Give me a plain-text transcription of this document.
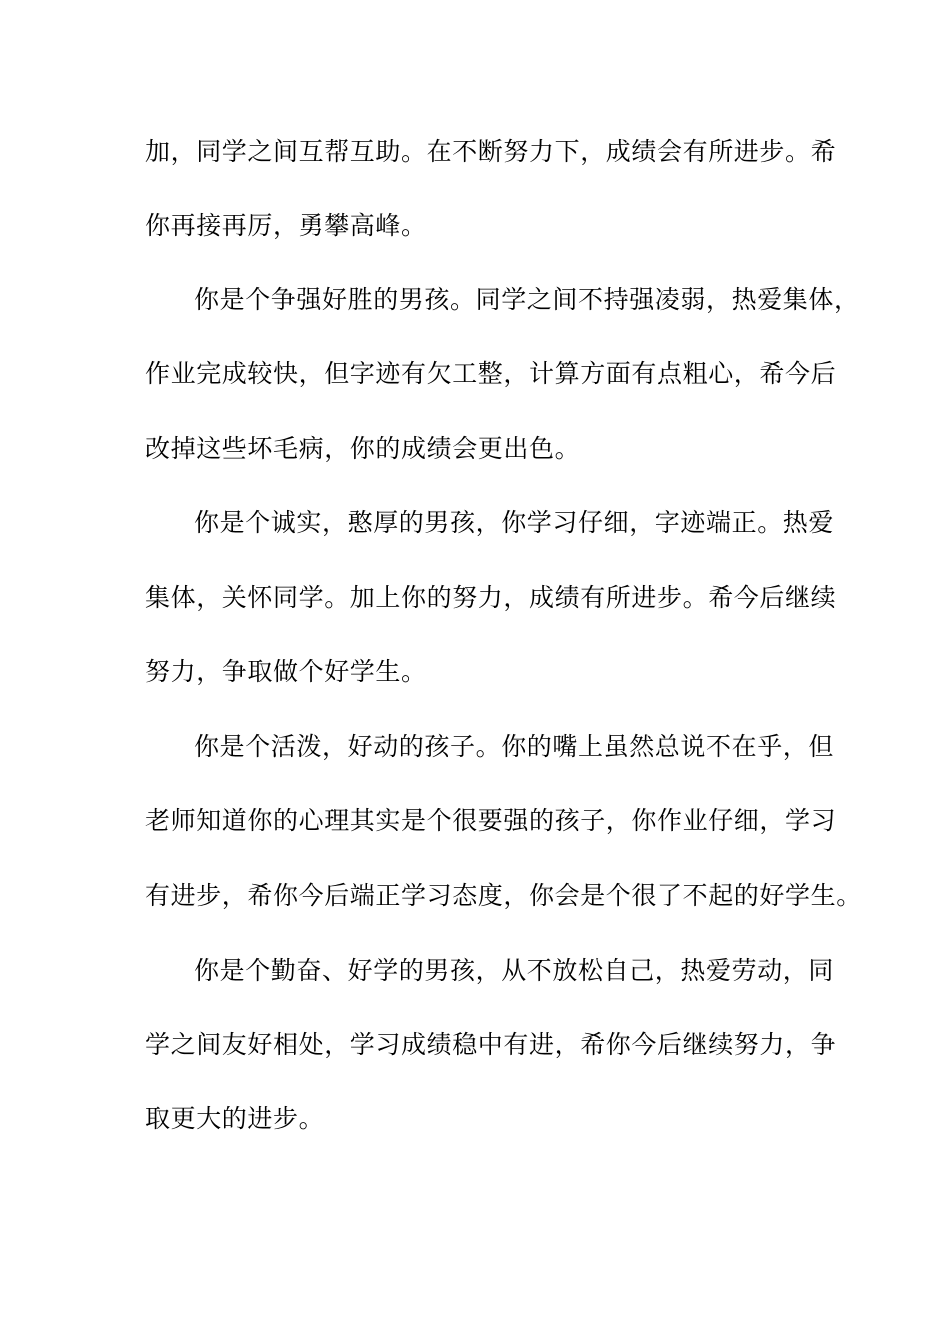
加，同学之间互帮互助。在不断努力下，成绩会有所进步。希
你再接再厉，勇攀高峰。
你是个争强好胜的男孩。同学之间不持强凌弱，热爱集体，
作业完成较快，但字迹有欠工整，计算方面有点粗心，希今后
改掉这些坏毛病，你的成绩会更出色。
你是个诚实，憨厚的男孩，你学习仔细，字迹端正。热爱
集体，关怀同学。加上你的努力，成绩有所进步。希今后继续
努力，争取做个好学生。
你是个活泼，好动的孩子。你的嘴上虽然总说不在乎，但
老师知道你的心理其实是个很要强的孩子，你作业仔细，学习
有进步，希你今后端正学习态度，你会是个很了不起的好学生。
你是个勤奋、好学的男孩，从不放松自己，热爱劳动，同
学之间友好相处，学习成绩稳中有进，希你今后继续努力，争
取更大的进步。
